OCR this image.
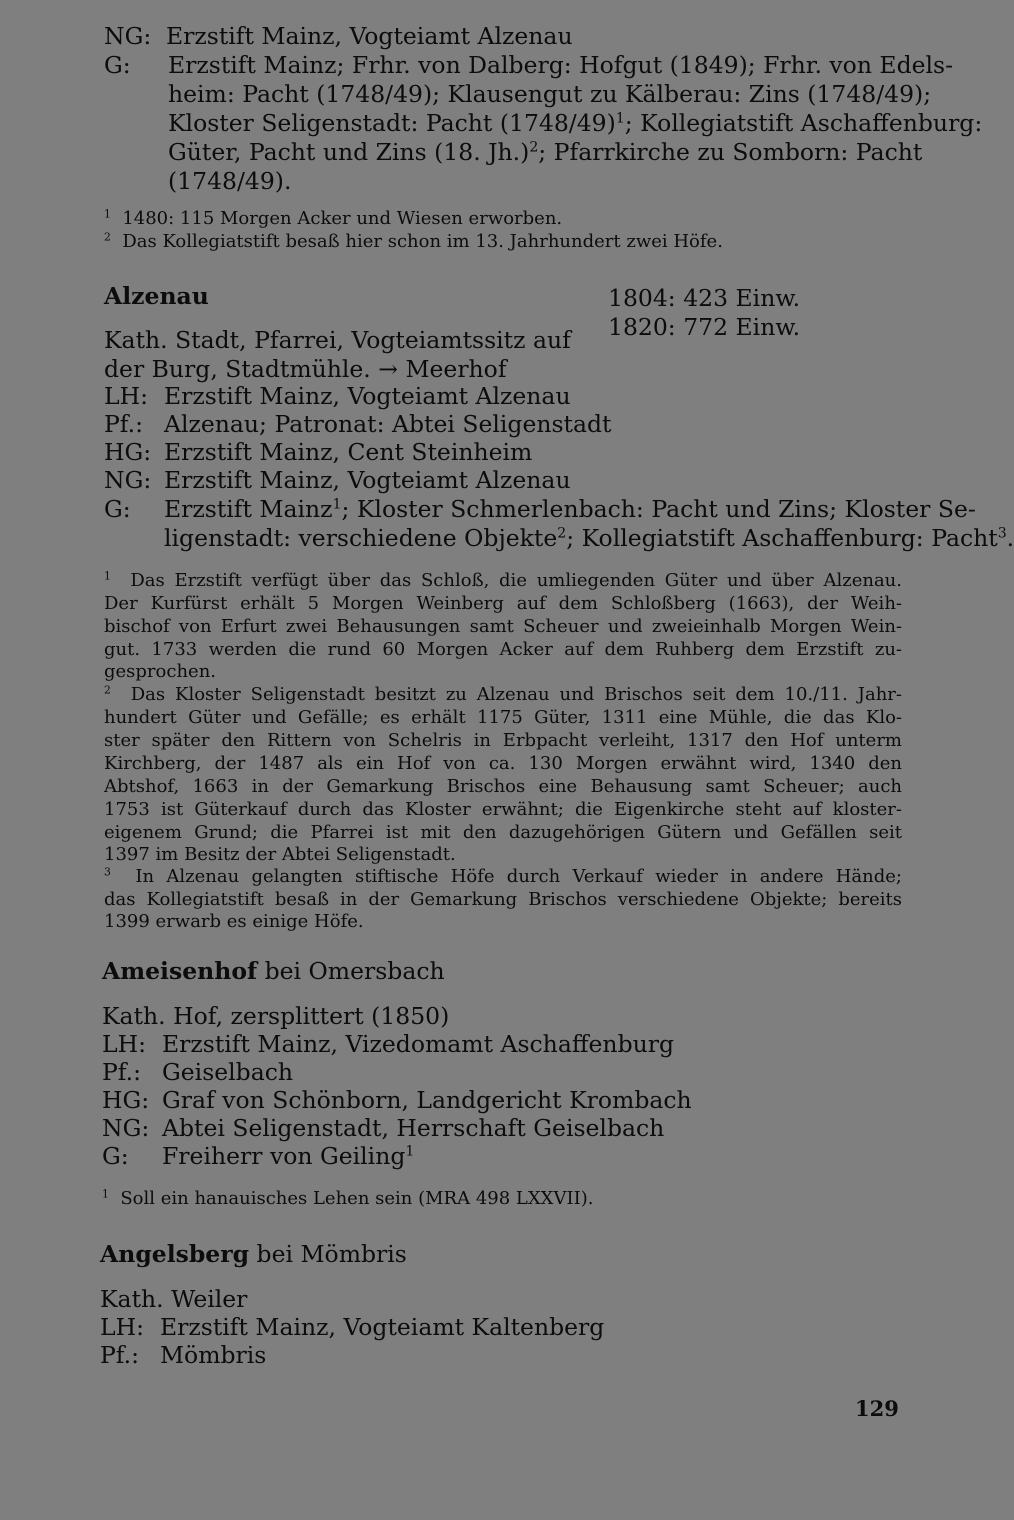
NG: Erzstift Mainz, Vogteiamt Alzenau
G: Erzstift Mainz; Frhr. von Dalberg: Hofgut (1849); Frhr. von Edels-
heim: Pacht (1748/49); Klausengut zu Kälberau: Zins (1748/49);
Kloster Seligenstadt: Pacht $(1748/49)^1$; Kollegiatstift Aschaffenburg:
Güter, Pacht und Zins (18. Jh.)$^2$; Pfarrkirche zu Somborn: Pacht
(1748/49).
$^1$ 1480: 115 Morgen Acker und Wiesen erworben.
$^2$ Das Kollegiatstift besaß hier schon im 13. Jahrhundert zwei Höfe.
Alzenau	1804: 423 Einw.
1820: 772 Einw.
Kath. Stadt, Pfarrei, Vogteiamtssitz auf
der Burg, Stadtmühle. → Meerhof
LH: Erzstift Mainz, Vogteiamt Alzenau
Pf.: Alzenau; Patronat: Abtei Seligenstadt
HG: Erzstift Mainz, Cent Steinheim
NG: Erzstift Mainz, Vogteiamt Alzenau
G: Erzstift Mainz$^1$; Kloster Schmerlenbach: Pacht und Zins; Kloster Se-
ligenstadt: verschiedene Objekte$^2$; Kollegiatstift Aschaffenburg: Pacht$^3$.
$^1$ Das Erzstift verfügt über das Schloß, die umliegenden Güter und über Alzenau.
Der Kurfürst erhält 5 Morgen Weinberg auf dem Schloßberg (1663), der Weih-
bischof von Erfurt zwei Behausungen samt Scheuer und zweieinhalb Morgen Wein-
gut. 1733 werden die rund 60 Morgen Acker auf dem Ruhberg dem Erzstift zu-
gesprochen.
$^2$ Das Kloster Seligenstadt besitzt zu Alzenau und Brischos seit dem 10./11. Jahr-
hundert Güter und Gefälle; es erhält 1175 Güter, 1311 eine Mühle, die das Klo-
ster später den Rittern von Schelris in Erbpacht verleiht, 1317 den Hof unterm
Kirchberg, der 1487 als ein Hof von ca. 130 Morgen erwähnt wird, 1340 den
Abtshof, 1663 in der Gemarkung Brischos eine Behausung samt Scheuer; auch
1753 ist Güterkauf durch das Kloster erwähnt; die Eigenkirche steht auf kloster-
eigenem Grund; die Pfarrei ist mit den dazugehörigen Gütern und Gefällen seit
1397 im Besitz der Abtei Seligenstadt.
$^3$ In Alzenau gelangten stiftische Höfe durch Verkauf wieder in andere Hände;
das Kollegiatstift besaß in der Gemarkung Brischos verschiedene Objekte; bereits
1399 erwarb es einige Höfe.
Ameisenhof bei Omersbach
Kath. Hof, zersplittert (1850)
LH: Erzstift Mainz, Vizedomamt Aschaffenburg
Pf.: Geiselbach
HG: Graf von Schönborn, Landgericht Krombach
NG: Abtei Seligenstadt, Herrschaft Geiselbach
G:	Freiherr von Geiling$^1$
$^1$ Soll ein hanauisches Lehen sein (MRA 498 LXXVII).
Angelsberg bei Mömbris
Kath. Weiler
LH: Erzstift Mainz, Vogteiamt Kaltenberg
Pf.: Mömbris
129
